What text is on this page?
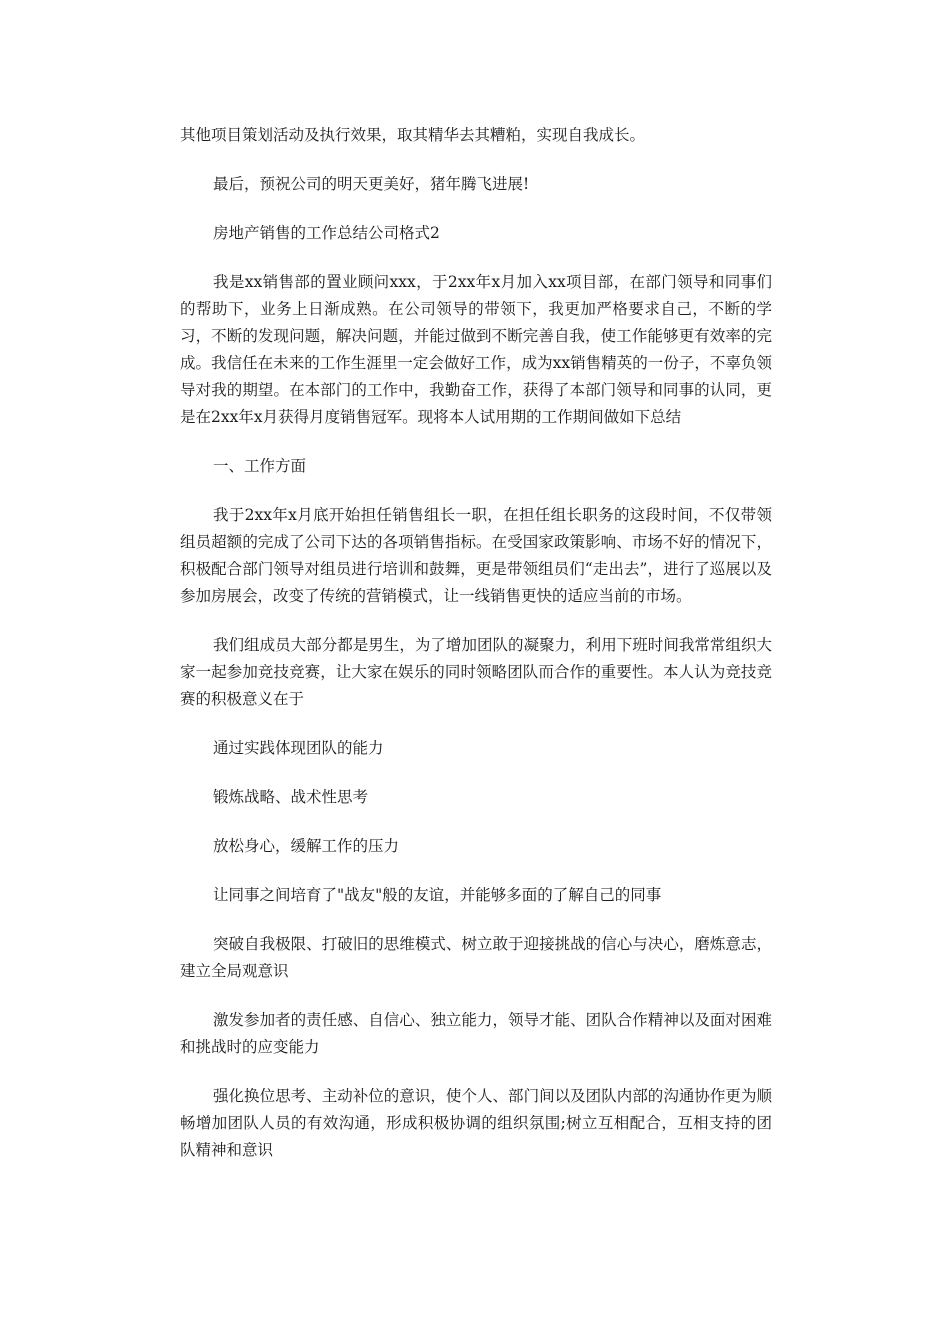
其他项目策划活动及执行效果，取其精华去其糟粕，实现自我成长。

最后，预祝公司的明天更美好，猪年腾飞进展!

房地产销售的工作总结公司格式2

我是xx销售部的置业顾问xxx，于2xx年x月加入xx项目部，在部门领导和同事们的帮助下，业务上日渐成熟。在公司领导的带领下，我更加严格要求自己，不断的学习，不断的发现问题，解决问题，并能过做到不断完善自我，使工作能够更有效率的完成。我信任在未来的工作生涯里一定会做好工作，成为xx销售精英的一份子，不辜负领导对我的期望。在本部门的工作中，我勤奋工作，获得了本部门领导和同事的认同，更是在2xx年x月获得月度销售冠军。现将本人试用期的工作期间做如下总结

一、工作方面

我于2xx年x月底开始担任销售组长一职，在担任组长职务的这段时间，不仅带领组员超额的完成了公司下达的各项销售指标。在受国家政策影响、市场不好的情况下，积极配合部门领导对组员进行培训和鼓舞，更是带领组员们“走出去”，进行了巡展以及参加房展会，改变了传统的营销模式，让一线销售更快的适应当前的市场。

我们组成员大部分都是男生，为了增加团队的凝聚力，利用下班时间我常常组织大家一起参加竞技竞赛，让大家在娱乐的同时领略团队而合作的重要性。本人认为竞技竞赛的积极意义在于

通过实践体现团队的能力

锻炼战略、战术性思考

放松身心，缓解工作的压力

让同事之间培育了"战友"般的友谊，并能够多面的了解自己的同事

突破自我极限、打破旧的思维模式、树立敢于迎接挑战的信心与决心，磨炼意志，建立全局观意识

激发参加者的责任感、自信心、独立能力，领导才能、团队合作精神以及面对困难和挑战时的应变能力

强化换位思考、主动补位的意识，使个人、部门间以及团队内部的沟通协作更为顺畅增加团队人员的有效沟通，形成积极协调的组织氛围;树立互相配合，互相支持的团队精神和意识
